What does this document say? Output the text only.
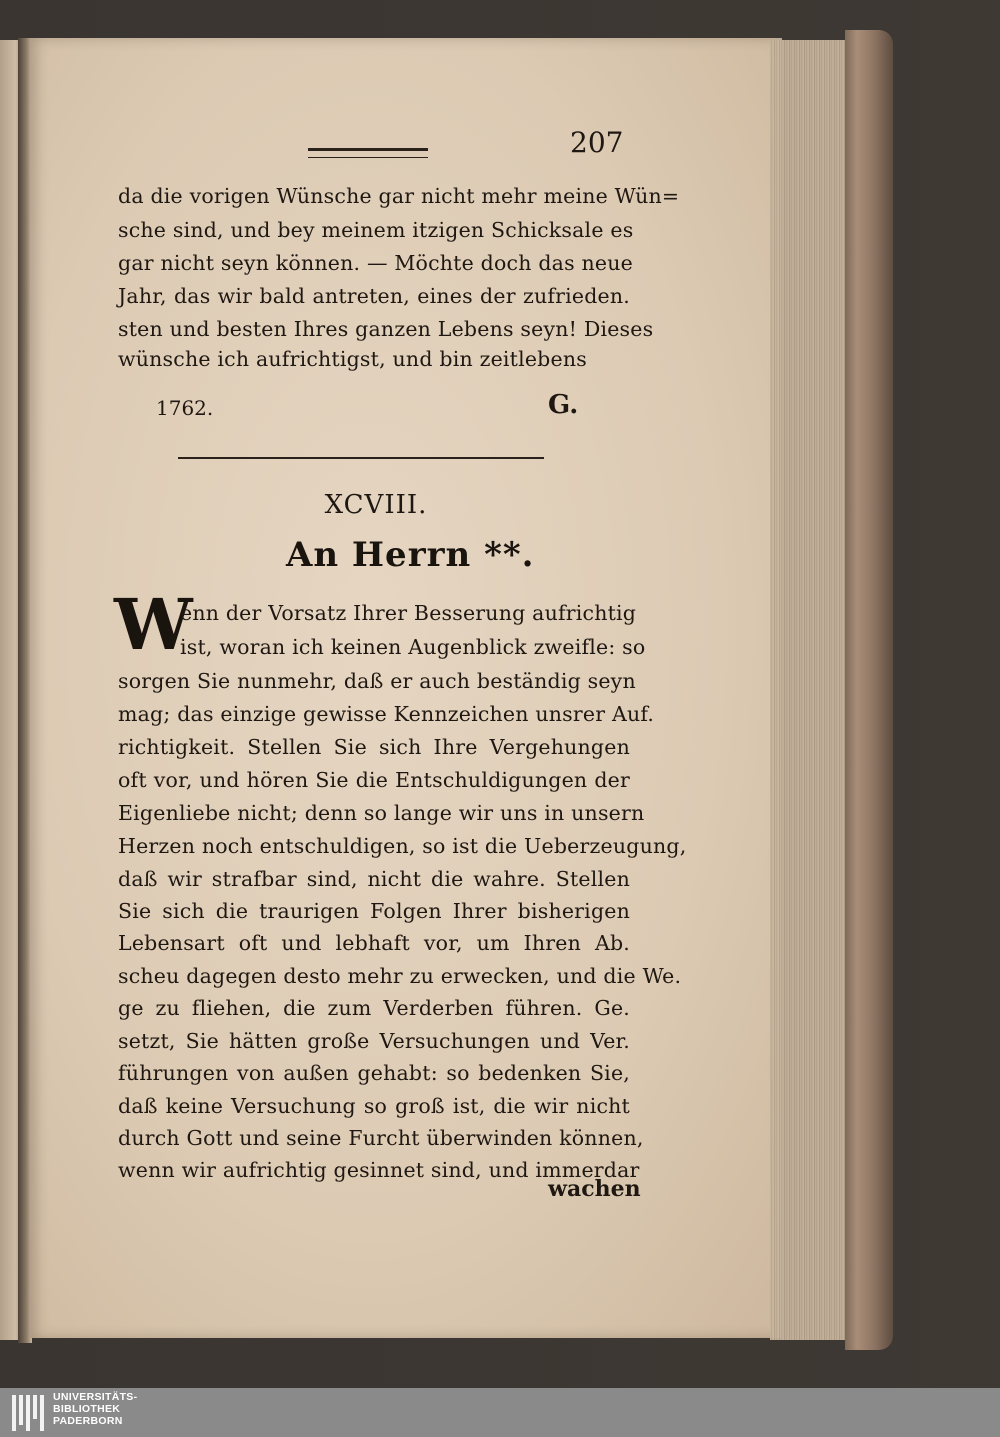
207
da die vorigen Wünsche gar nicht mehr meine Wün=
sche sind, und bey meinem itzigen Schicksale es
gar nicht seyn können. — Möchte doch das neue
Jahr, das wir bald antreten, eines der zufrieden.
sten und besten Ihres ganzen Lebens seyn! Dieses
wünsche ich aufrichtigst, und bin zeitlebens
1762.	G.
XCVIII.
An Herrn **.
W
enn der Vorsatz Ihrer Besserung aufrichtig
ist, woran ich keinen Augenblick zweifle: so
sorgen Sie nunmehr, daß er auch beständig seyn
mag; das einzige gewisse Kennzeichen unsrer Auf.
richtigkeit. Stellen Sie sich Ihre Vergehungen
oft vor, und hören Sie die Entschuldigungen der
Eigenliebe nicht; denn so lange wir uns in unsern
Herzen noch entschuldigen, so ist die Ueberzeugung,
daß wir strafbar sind, nicht die wahre. Stellen
Sie sich die traurigen Folgen Ihrer bisherigen
Lebensart oft und lebhaft vor, um Ihren Ab.
scheu dagegen desto mehr zu erwecken, und die We.
ge zu fliehen, die zum Verderben führen. Ge.
setzt, Sie hätten große Versuchungen und Ver.
führungen von außen gehabt: so bedenken Sie,
daß keine Versuchung so groß ist, die wir nicht
durch Gott und seine Furcht überwinden können,
wenn wir aufrichtig gesinnet sind, und immerdar
wachen
UNIVERSITÄTS-
BIBLIOTHEK
PADERBORN
